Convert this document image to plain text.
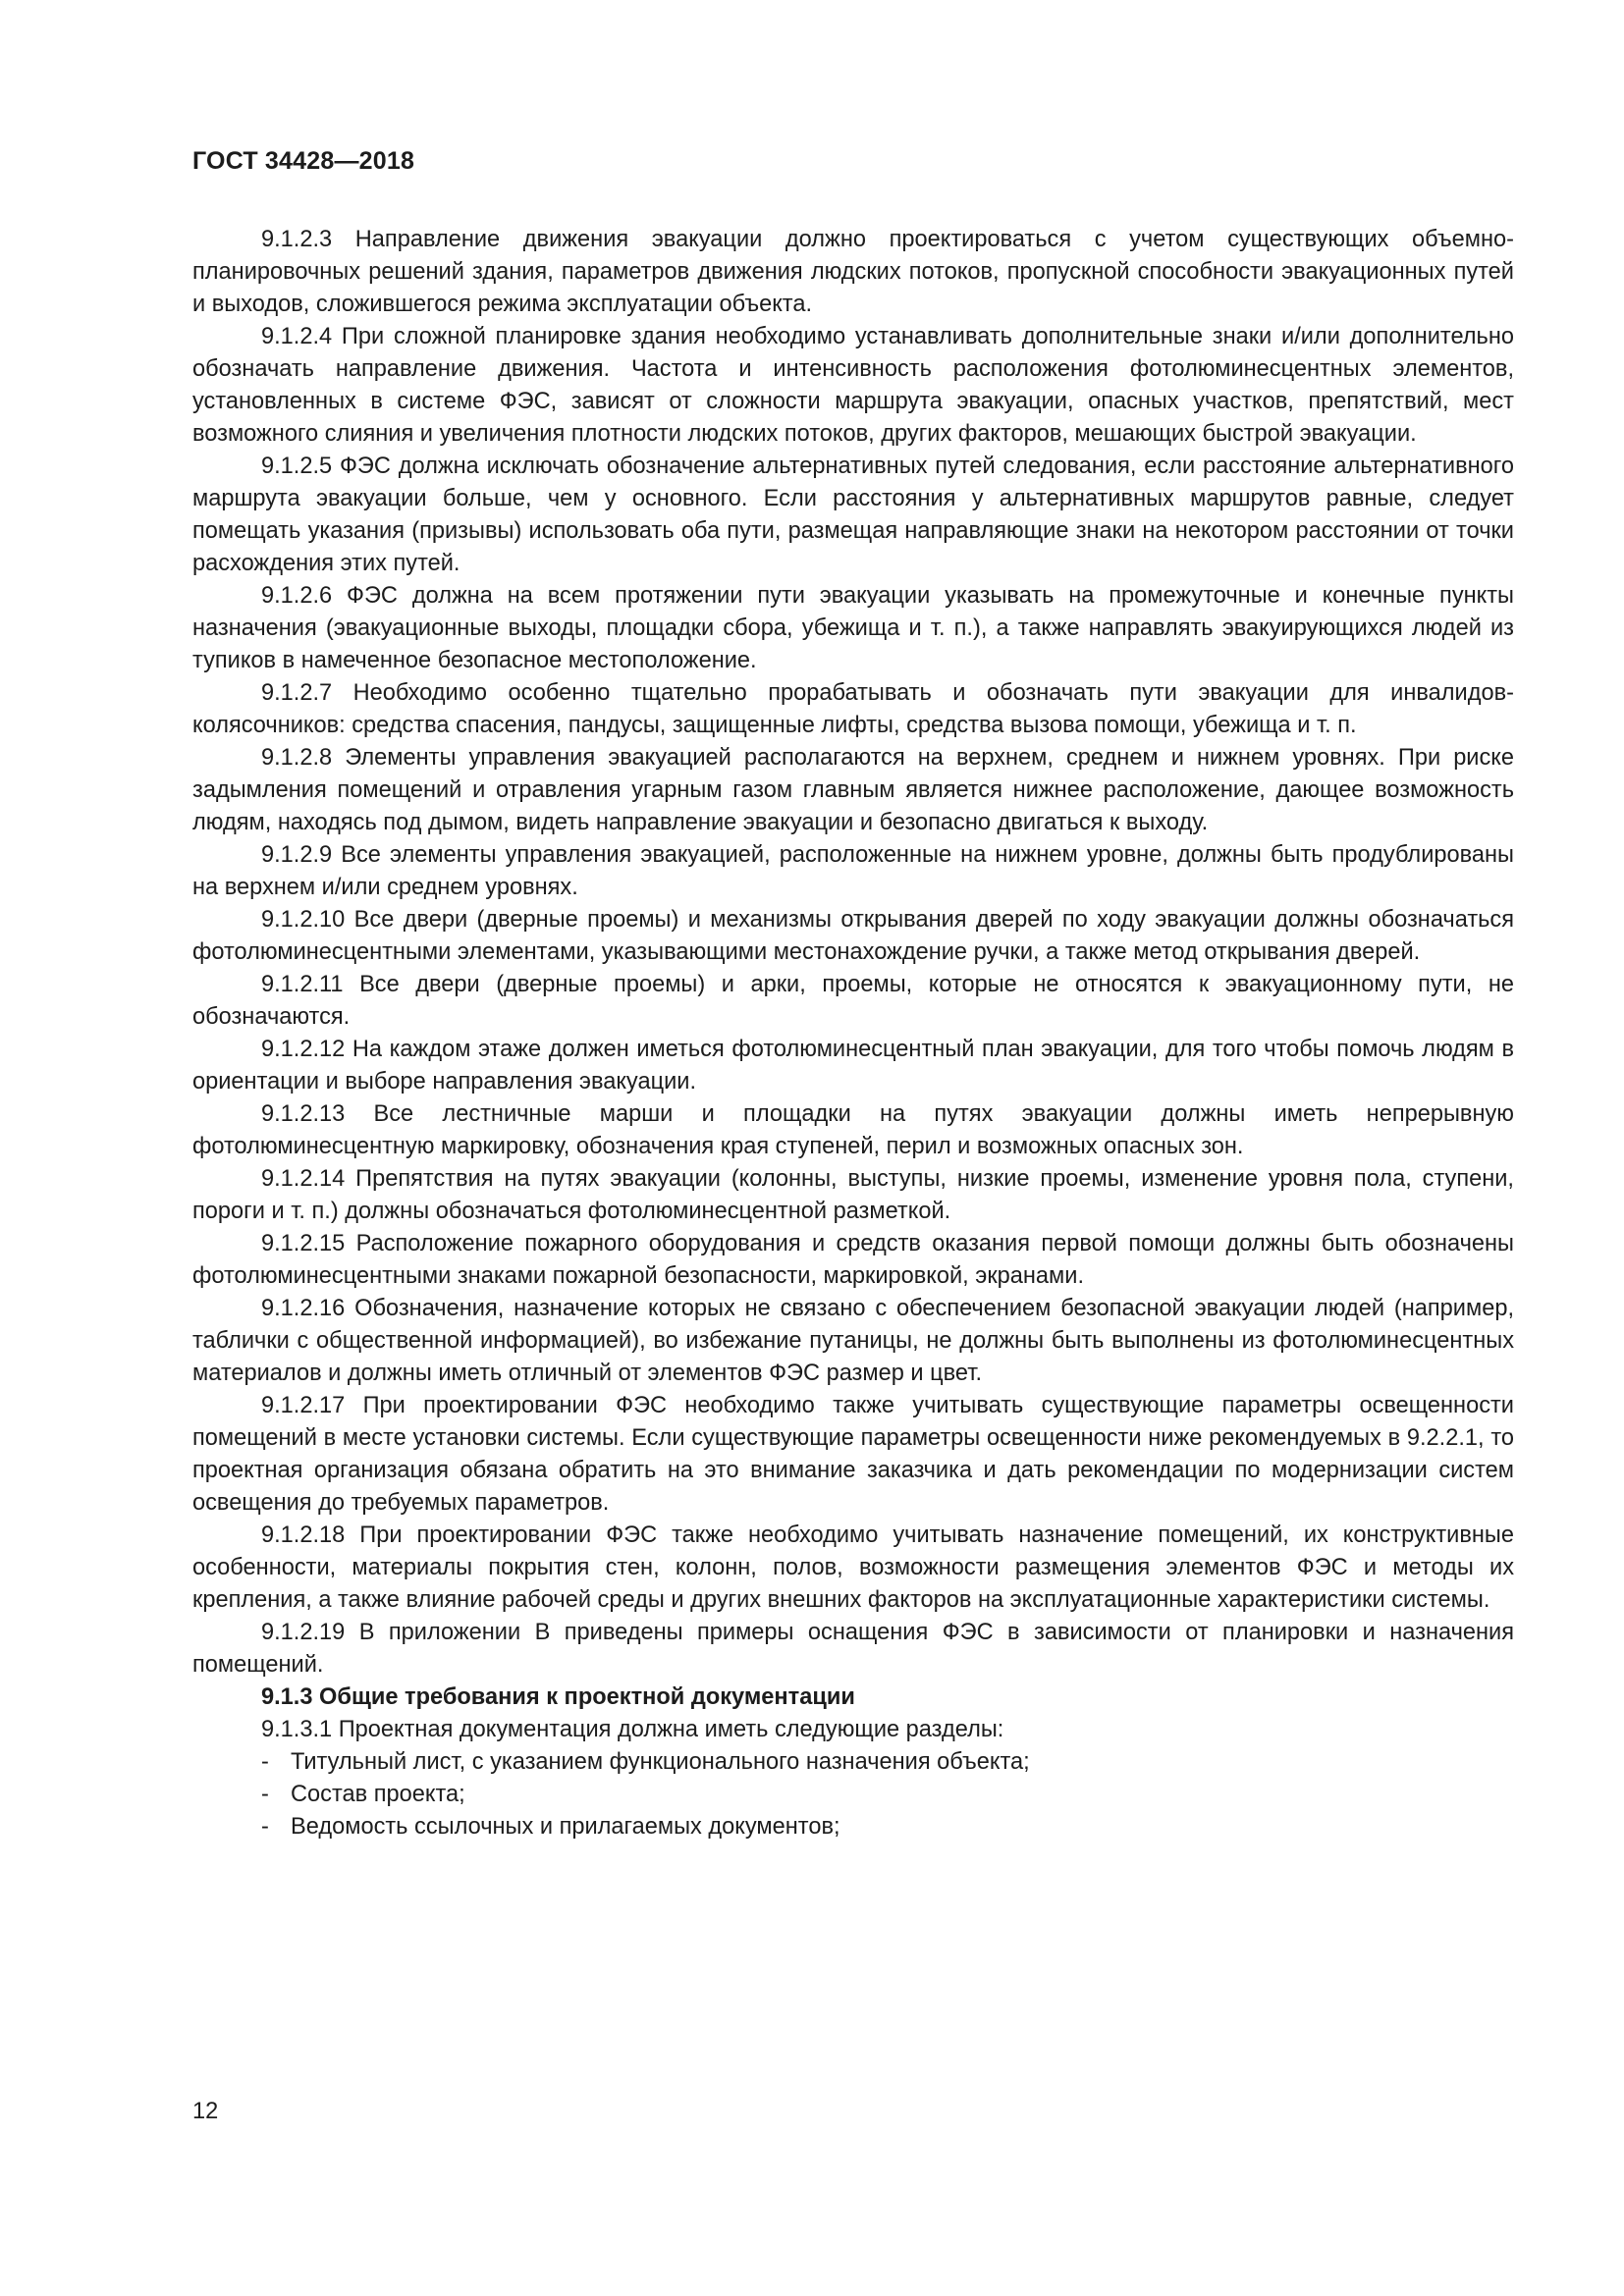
ГОСТ 34428—2018

9.1.2.3 Направление движения эвакуации должно проектироваться с учетом существующих объемно-планировочных решений здания, параметров движения людских потоков, пропускной способности эвакуационных путей и выходов, сложившегося режима эксплуатации объекта.

9.1.2.4 При сложной планировке здания необходимо устанавливать дополнительные знаки и/или дополнительно обозначать направление движения. Частота и интенсивность расположения фотолюминесцентных элементов, установленных в системе ФЭС, зависят от сложности маршрута эвакуации, опасных участков, препятствий, мест возможного слияния и увеличения плотности людских потоков, других факторов, мешающих быстрой эвакуации.

9.1.2.5 ФЭС должна исключать обозначение альтернативных путей следования, если расстояние альтернативного маршрута эвакуации больше, чем у основного. Если расстояния у альтернативных маршрутов равные, следует помещать указания (призывы) использовать оба пути, размещая направляющие знаки на некотором расстоянии от точки расхождения этих путей.

9.1.2.6 ФЭС должна на всем протяжении пути эвакуации указывать на промежуточные и конечные пункты назначения (эвакуационные выходы, площадки сбора, убежища и т. п.), а также направлять эвакуирующихся людей из тупиков в намеченное безопасное местоположение.

9.1.2.7 Необходимо особенно тщательно прорабатывать и обозначать пути эвакуации для инвалидов-колясочников: средства спасения, пандусы, защищенные лифты, средства вызова помощи, убежища и т. п.

9.1.2.8 Элементы управления эвакуацией располагаются на верхнем, среднем и нижнем уровнях. При риске задымления помещений и отравления угарным газом главным является нижнее расположение, дающее возможность людям, находясь под дымом, видеть направление эвакуации и безопасно двигаться к выходу.

9.1.2.9 Все элементы управления эвакуацией, расположенные на нижнем уровне, должны быть продублированы на верхнем и/или среднем уровнях.

9.1.2.10 Все двери (дверные проемы) и механизмы открывания дверей по ходу эвакуации должны обозначаться фотолюминесцентными элементами, указывающими местонахождение ручки, а также метод открывания дверей.

9.1.2.11 Все двери (дверные проемы) и арки, проемы, которые не относятся к эвакуационному пути, не обозначаются.

9.1.2.12 На каждом этаже должен иметься фотолюминесцентный план эвакуации, для того чтобы помочь людям в ориентации и выборе направления эвакуации.

9.1.2.13 Все лестничные марши и площадки на путях эвакуации должны иметь непрерывную фотолюминесцентную маркировку, обозначения края ступеней, перил и возможных опасных зон.

9.1.2.14 Препятствия на путях эвакуации (колонны, выступы, низкие проемы, изменение уровня пола, ступени, пороги и т. п.) должны обозначаться фотолюминесцентной разметкой.

9.1.2.15 Расположение пожарного оборудования и средств оказания первой помощи должны быть обозначены фотолюминесцентными знаками пожарной безопасности, маркировкой, экранами.

9.1.2.16 Обозначения, назначение которых не связано с обеспечением безопасной эвакуации людей (например, таблички с общественной информацией), во избежание путаницы, не должны быть выполнены из фотолюминесцентных материалов и должны иметь отличный от элементов ФЭС размер и цвет.

9.1.2.17 При проектировании ФЭС необходимо также учитывать существующие параметры освещенности помещений в месте установки системы. Если существующие параметры освещенности ниже рекомендуемых в 9.2.2.1, то проектная организация обязана обратить на это внимание заказчика и дать рекомендации по модернизации систем освещения до требуемых параметров.

9.1.2.18 При проектировании ФЭС также необходимо учитывать назначение помещений, их конструктивные особенности, материалы покрытия стен, колонн, полов, возможности размещения элементов ФЭС и методы их крепления, а также влияние рабочей среды и других внешних факторов на эксплуатационные характеристики системы.

9.1.2.19 В приложении В приведены примеры оснащения ФЭС в зависимости от планировки и назначения помещений.

9.1.3 Общие требования к проектной документации

9.1.3.1 Проектная документация должна иметь следующие разделы:

- Титульный лист, с указанием функционального назначения объекта;
- Состав проекта;
- Ведомость ссылочных и прилагаемых документов;
12
